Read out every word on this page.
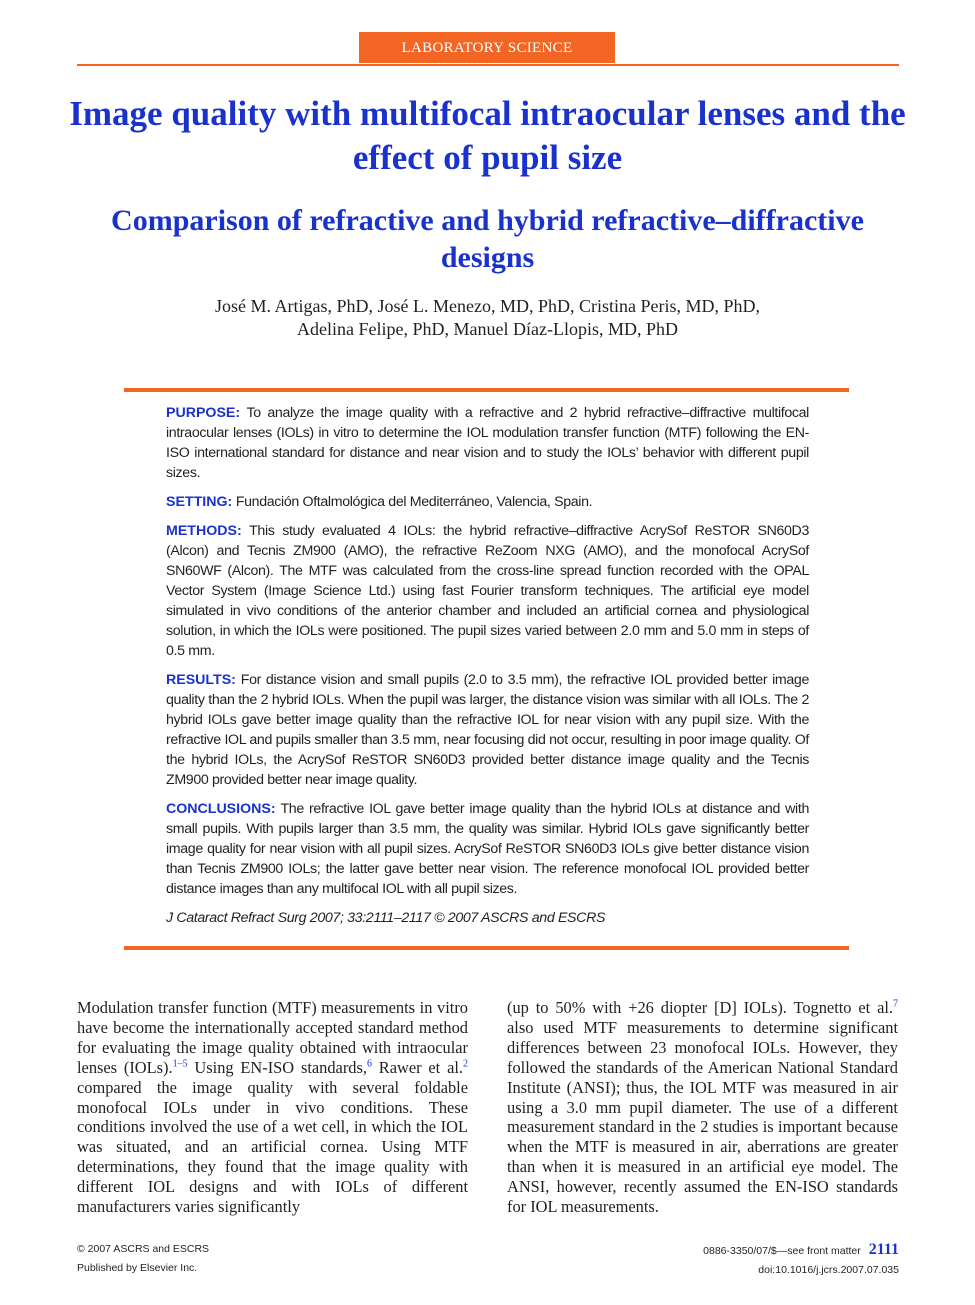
LABORATORY SCIENCE
Image quality with multifocal intraocular lenses and the effect of pupil size
Comparison of refractive and hybrid refractive–diffractive designs
José M. Artigas, PhD, José L. Menezo, MD, PhD, Cristina Peris, MD, PhD,
Adelina Felipe, PhD, Manuel Díaz-Llopis, MD, PhD

PURPOSE: To analyze the image quality with a refractive and 2 hybrid refractive–diffractive multifocal intraocular lenses (IOLs) in vitro to determine the IOL modulation transfer function (MTF) following the EN-ISO international standard for distance and near vision and to study the IOLs’ behavior with different pupil sizes.

SETTING: Fundación Oftalmológica del Mediterráneo, Valencia, Spain.

METHODS: This study evaluated 4 IOLs: the hybrid refractive–diffractive AcrySof ReSTOR SN60D3 (Alcon) and Tecnis ZM900 (AMO), the refractive ReZoom NXG (AMO), and the monofocal AcrySof SN60WF (Alcon). The MTF was calculated from the cross-line spread function recorded with the OPAL Vector System (Image Science Ltd.) using fast Fourier transform techniques. The artificial eye model simulated in vivo conditions of the anterior chamber and included an artificial cornea and physiological solution, in which the IOLs were positioned. The pupil sizes varied between 2.0 mm and 5.0 mm in steps of 0.5 mm.

RESULTS: For distance vision and small pupils (2.0 to 3.5 mm), the refractive IOL provided better image quality than the 2 hybrid IOLs. When the pupil was larger, the distance vision was similar with all IOLs. The 2 hybrid IOLs gave better image quality than the refractive IOL for near vision with any pupil size. With the refractive IOL and pupils smaller than 3.5 mm, near focusing did not occur, resulting in poor image quality. Of the hybrid IOLs, the AcrySof ReSTOR SN60D3 provided better distance image quality and the Tecnis ZM900 provided better near image quality.

CONCLUSIONS: The refractive IOL gave better image quality than the hybrid IOLs at distance and with small pupils. With pupils larger than 3.5 mm, the quality was similar. Hybrid IOLs gave significantly better image quality for near vision with all pupil sizes. AcrySof ReSTOR SN60D3 IOLs give better distance vision than Tecnis ZM900 IOLs; the latter gave better near vision. The reference monofocal IOL provided better distance images than any multifocal IOL with all pupil sizes.

J Cataract Refract Surg 2007; 33:2111–2117 © 2007 ASCRS and ESCRS

Modulation transfer function (MTF) measurements in vitro have become the internationally accepted standard method for evaluating the image quality obtained with intraocular lenses (IOLs).$^{1-5}$ Using EN-ISO standards,$^6$ Rawer et al.$^2$ compared the image quality with several foldable monofocal IOLs under in vivo conditions. These conditions involved the use of a wet cell, in which the IOL was situated, and an artificial cornea. Using MTF determinations, they found that the image quality with different IOL designs and with IOLs of different manufacturers varies significantly

(up to 50% with +26 diopter [D] IOLs). Tognetto et al.$^7$ also used MTF measurements to determine significant differences between 23 monofocal IOLs. However, they followed the standards of the American National Standard Institute (ANSI); thus, the IOL MTF was measured in air using a 3.0 mm pupil diameter. The use of a different measurement standard in the 2 studies is important because when the MTF is measured in air, aberrations are greater than when it is measured in an artificial eye model. The ANSI, however, recently assumed the EN-ISO standards for IOL measurements.

© 2007 ASCRS and ESCRS
Published by Elsevier Inc.
0886-3350/07/$—see front matter 2111
doi:10.1016/j.jcrs.2007.07.035
